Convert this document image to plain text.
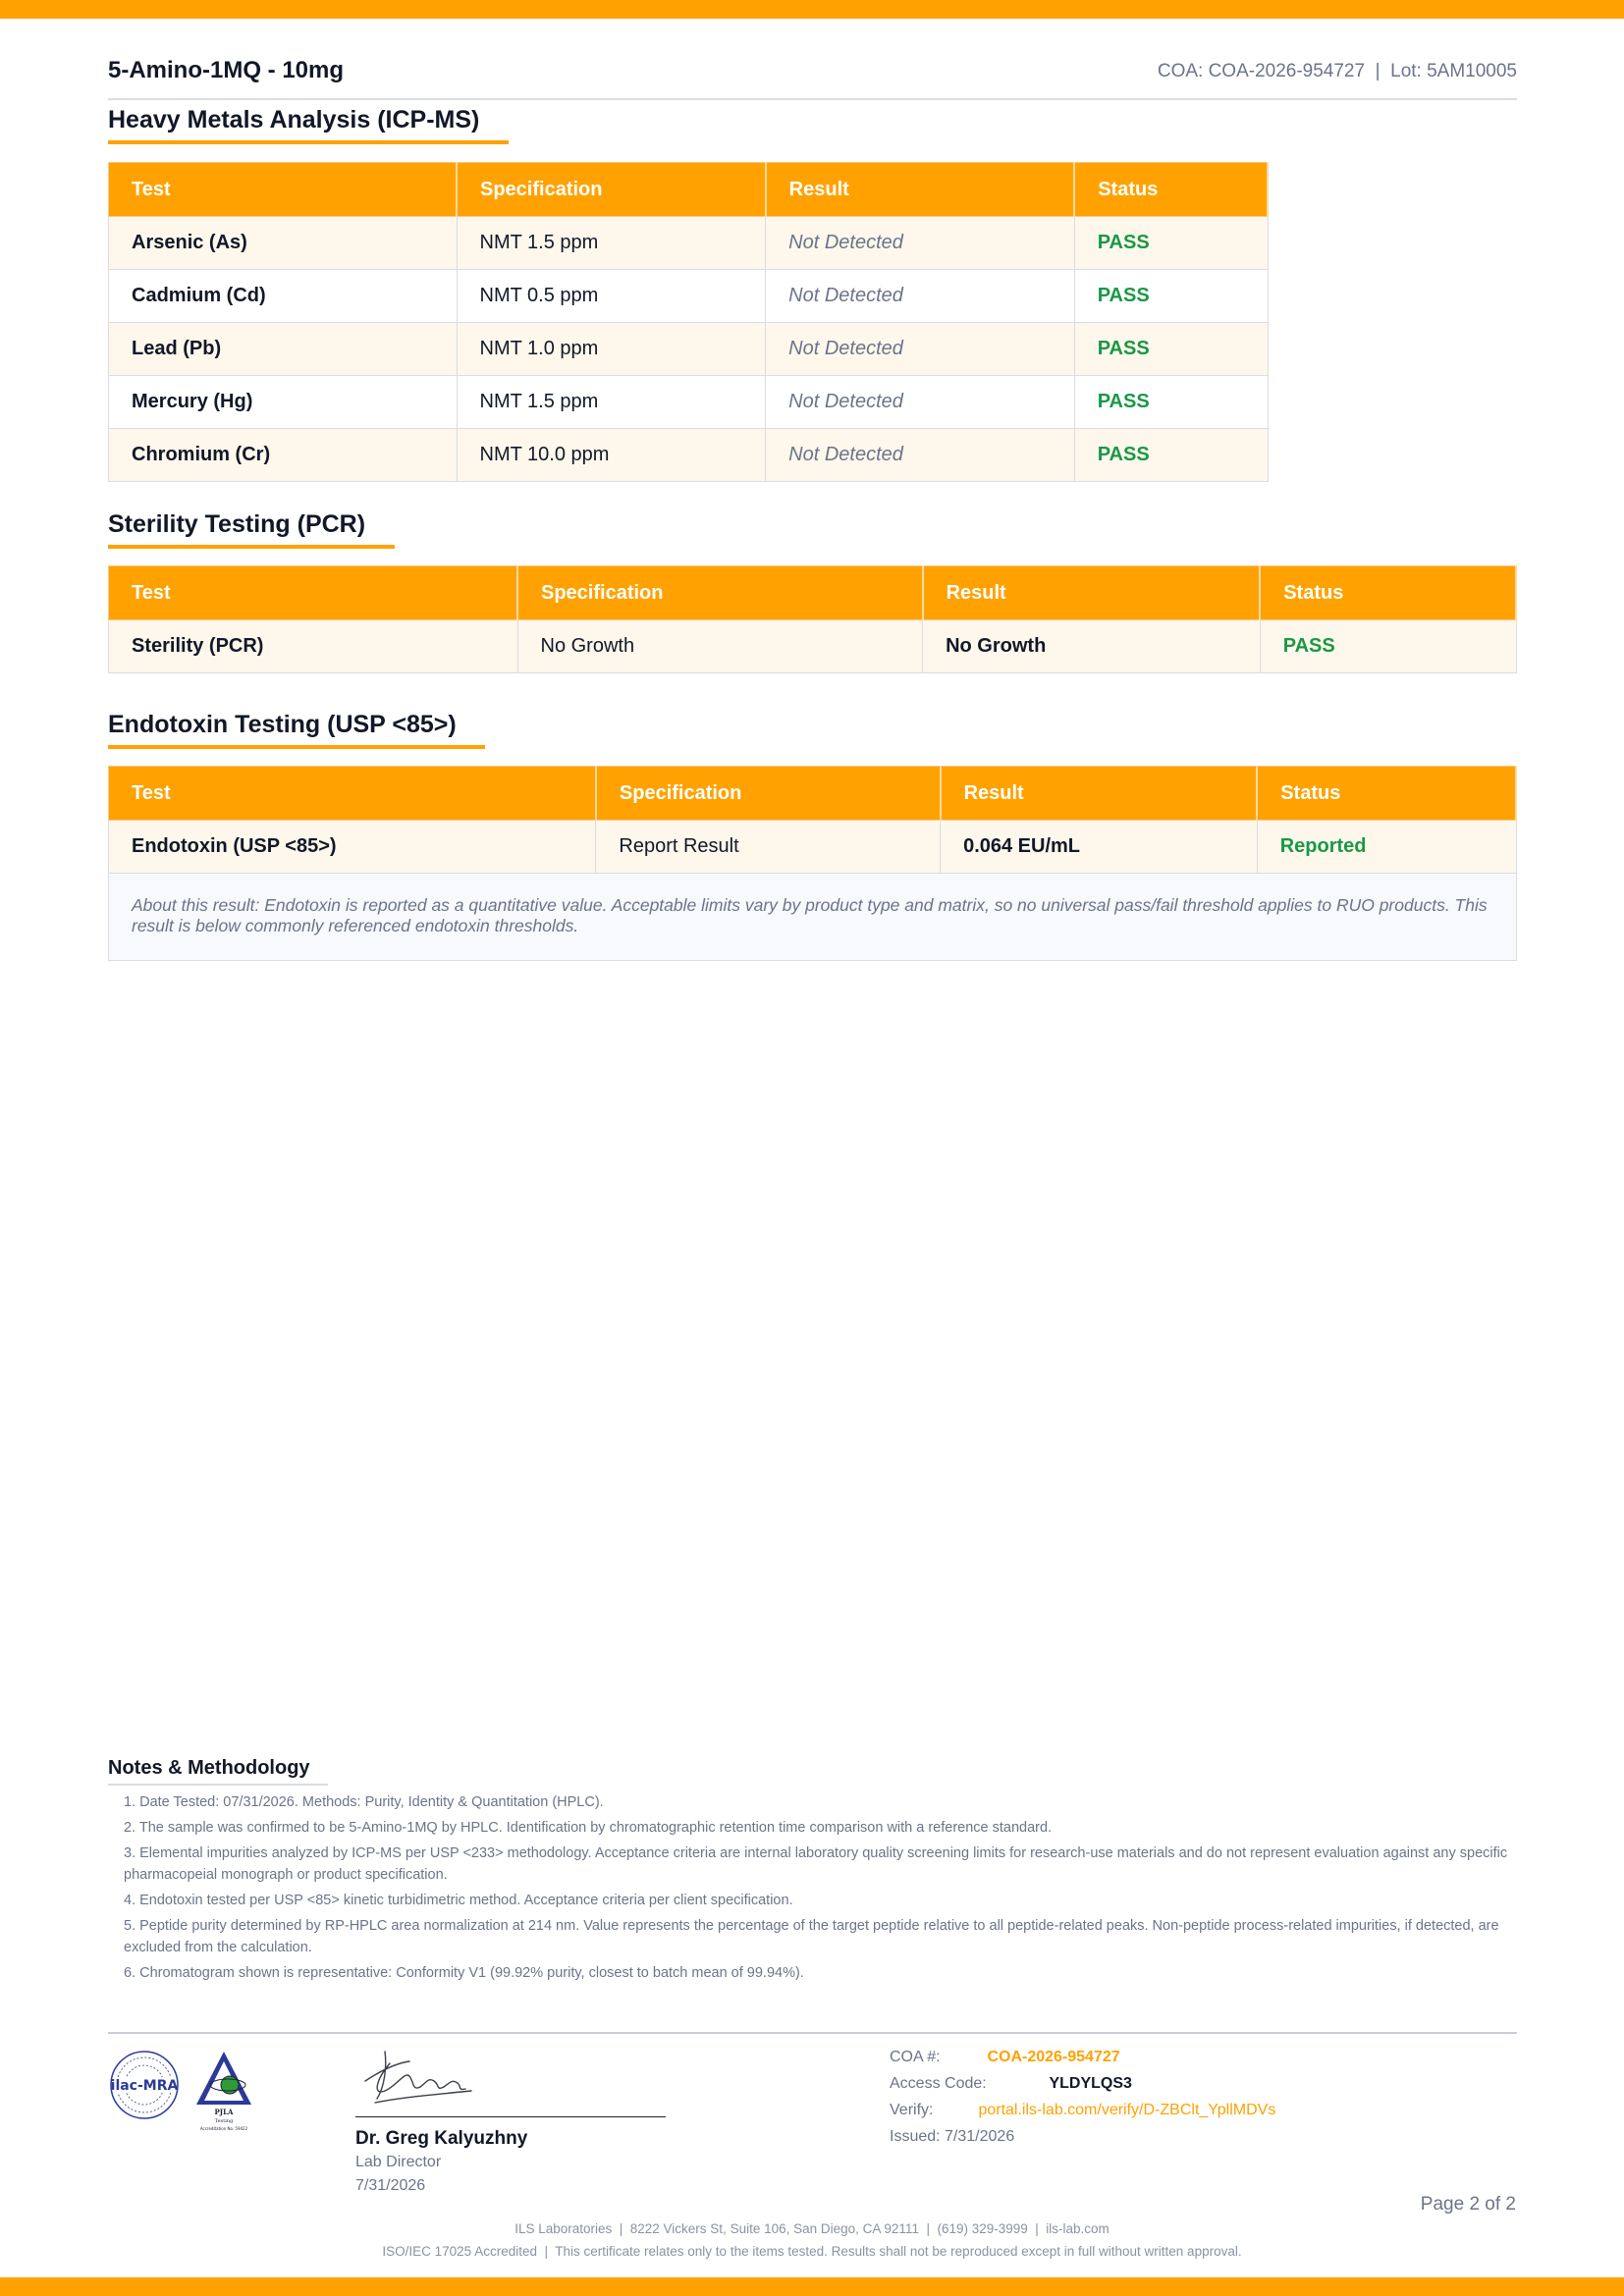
5-Amino-1MQ - 10mg	COA: COA-2026-954727  |  Lot: 5AM10005
Heavy Metals Analysis (ICP-MS)
Test	Specification	Result	Status
Arsenic (As)	NMT 1.5 ppm	Not Detected	PASS
Cadmium (Cd)	NMT 0.5 ppm	Not Detected	PASS
Lead (Pb)	NMT 1.0 ppm	Not Detected	PASS
Mercury (Hg)	NMT 1.5 ppm	Not Detected	PASS
Chromium (Cr)	NMT 10.0 ppm	Not Detected	PASS
Sterility Testing (PCR)
Test	Specification	Result	Status
Sterility (PCR)	No Growth	No Growth	PASS
Endotoxin Testing (USP <85>)
Test	Specification	Result	Status
Endotoxin (USP <85>)	Report Result	0.064 EU/mL	Reported
About this result: Endotoxin is reported as a quantitative value. Acceptable limits vary by product type and matrix, so no universal pass/fail threshold applies to RUO products. This result is below commonly referenced endotoxin thresholds.
Notes & Methodology
1. Date Tested: 07/31/2026. Methods: Purity, Identity & Quantitation (HPLC).
2. The sample was confirmed to be 5-Amino-1MQ by HPLC. Identification by chromatographic retention time comparison with a reference standard.
3. Elemental impurities analyzed by ICP-MS per USP <233> methodology. Acceptance criteria are internal laboratory quality screening limits for research-use materials and do not represent evaluation against any specific pharmacopeial monograph or product specification.
4. Endotoxin tested per USP <85> kinetic turbidimetric method. Acceptance criteria per client specification.
5. Peptide purity determined by RP-HPLC area normalization at 214 nm. Value represents the percentage of the target peptide relative to all peptide-related peaks. Non-peptide process-related impurities, if detected, are excluded from the calculation.
6. Chromatogram shown is representative: Conformity V1 (99.92% purity, closest to batch mean of 99.94%).
ilac-MRA
PJLA
Testing
Accreditation No. 59422	Dr. Greg Kalyuzhny
Lab Director
7/31/2026
COA #:	COA-2026-954727
Access Code:	YLDYLQS3
Verify:	portal.ils-lab.com/verify/D-ZBClt_YpllMDVs
Issued: 7/31/2026
Page 2 of 2
ILS Laboratories  |  8222 Vickers St, Suite 106, San Diego, CA 92111  |  (619) 329-3999  |  ils-lab.com
ISO/IEC 17025 Accredited  |  This certificate relates only to the items tested. Results shall not be reproduced except in full without written approval.
